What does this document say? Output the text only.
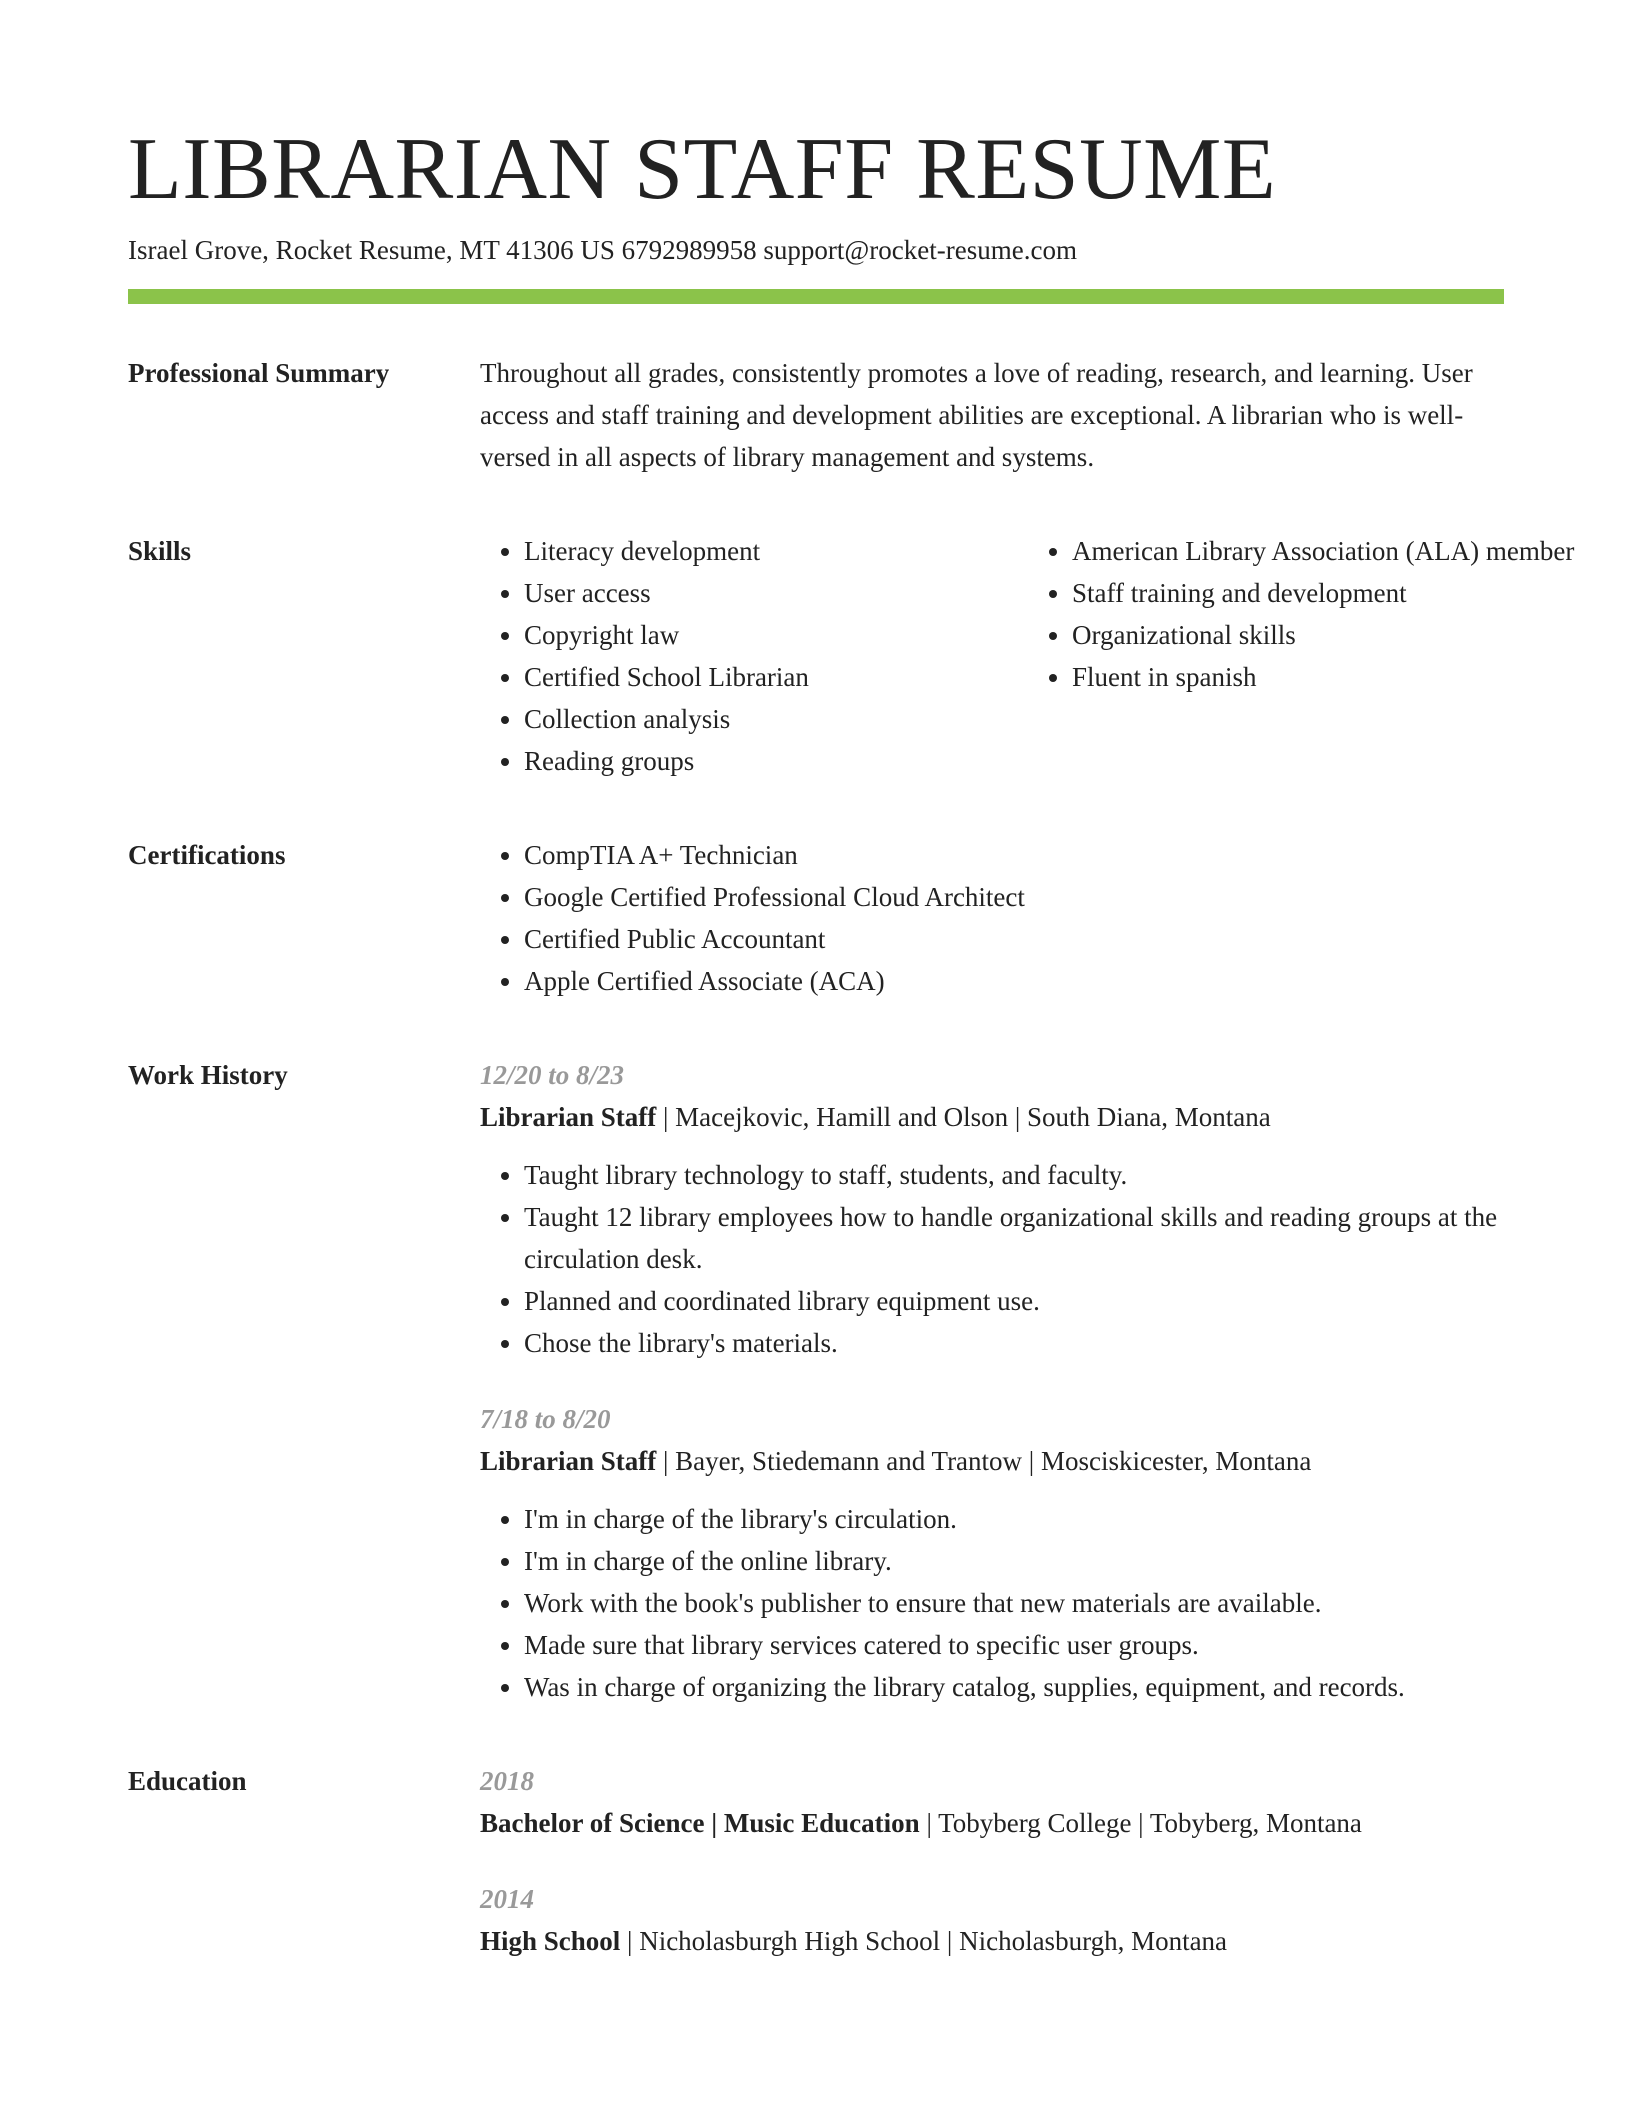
LIBRARIAN STAFF RESUME
Israel Grove, Rocket Resume, MT 41306 US 6792989958 support@rocket-resume.com
Professional Summary	Throughout all grades, consistently promotes a love of reading, research, and learning. User access and staff training and development abilities are exceptional. A librarian who is well-versed in all aspects of library management and systems.

Skills	• Literacy development
• User access
• Copyright law
• Certified School Librarian
• Collection analysis
• Reading groups
• American Library Association (ALA) member
• Staff training and development
• Organizational skills
• Fluent in spanish
Certifications	• CompTIA A+ Technician
• Google Certified Professional Cloud Architect
• Certified Public Accountant
• Apple Certified Associate (ACA)
Work History	12/20 to 8/23
Librarian Staff | Macejkovic, Hamill and Olson | South Diana, Montana
• Taught library technology to staff, students, and faculty.
• Taught 12 library employees how to handle organizational skills and reading groups at the circulation desk.
• Planned and coordinated library equipment use.
• Chose the library's materials.
7/18 to 8/20
Librarian Staff | Bayer, Stiedemann and Trantow | Mosciskicester, Montana
• I'm in charge of the library's circulation.
• I'm in charge of the online library.
• Work with the book's publisher to ensure that new materials are available.
• Made sure that library services catered to specific user groups.
• Was in charge of organizing the library catalog, supplies, equipment, and records.
Education	2018
Bachelor of Science | Music Education | Tobyberg College | Tobyberg, Montana
2014
High School | Nicholasburgh High School | Nicholasburgh, Montana
